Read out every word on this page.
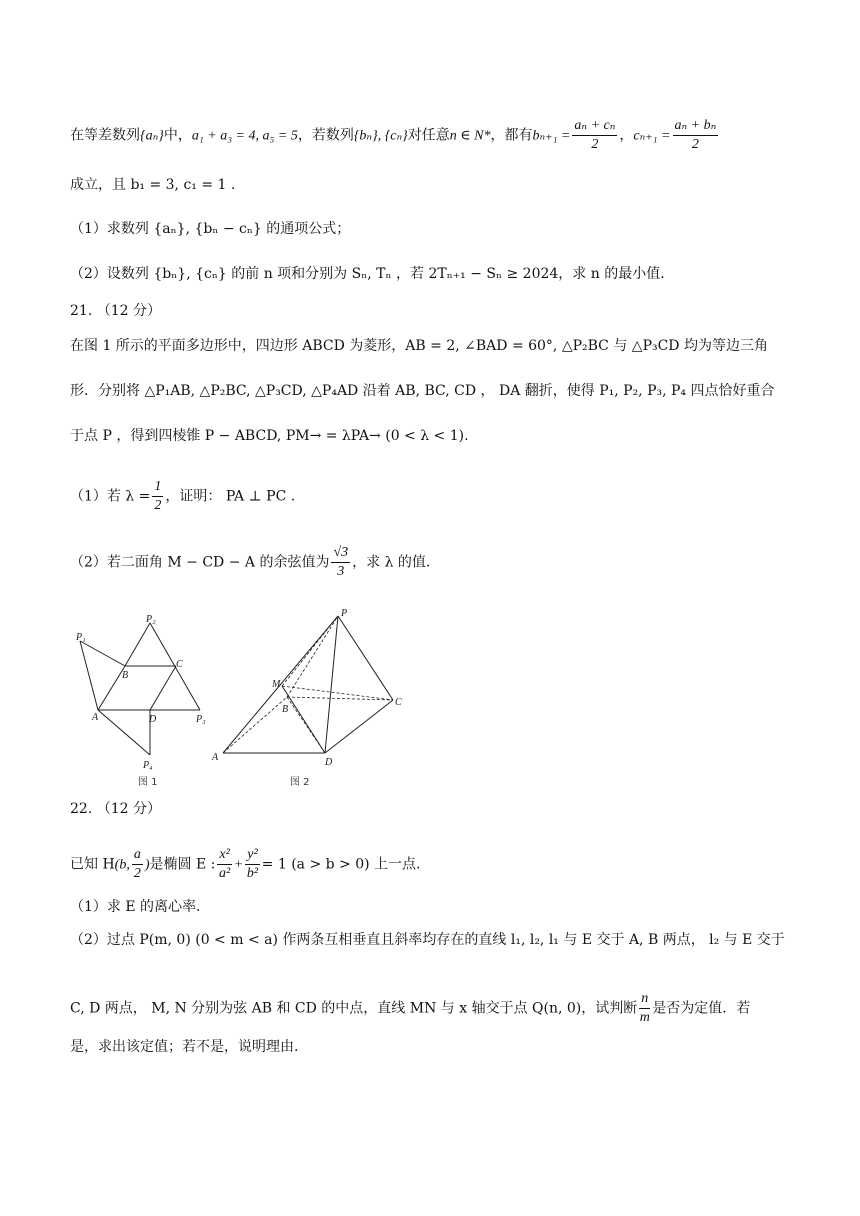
在等差数列{aₙ}中，a₁ + a₃ = 4, a₅ = 5，若数列{bₙ}, {cₙ}对任意n ∈ N*，都有$b_{n+1} = \frac{\text{aₙ + cₙ}}{2}$ ，$c_{n+1} = \frac{\text{aₙ + bₙ}}{2}$
成立，且 b₁ = 3, c₁ = 1 .
（1）求数列 {aₙ}, {bₙ − cₙ} 的通项公式；
（2）设数列 {bₙ}, {cₙ} 的前 n 项和分别为 Sₙ, Tₙ ，若 2Tₙ₊₁ − Sₙ ≥ 2024，求 n 的最小值.
21. （12 分）
在图 1 所示的平面多边形中，四边形 ABCD 为菱形，AB = 2, ∠BAD = 60°, △P₂BC 与 △P₃CD 均为等边三角
形．分别将 △P₁AB, △P₂BC, △P₃CD, △P₄AD 沿着 AB, BC, CD ， DA 翻折，使得 P₁, P₂, P₃, P₄ 四点恰好重合
于点 P ，得到四棱锥 P − ABCD, PM→ = λPA→ (0 < λ < 1).
（1）若 $\lambda = \frac{1}{2}$ ，证明： PA ⊥ PC .
（2）若二面角 M − CD − A 的余弦值为 $\frac{√3}{3}$ ，求 λ 的值.
P₁
P₂
B
C
A	D	P₃
P₄
图 1
P
M
B
C
A	D
图 2
22. （12 分）
已知 H(b, $\frac{a}{2}$ )是椭圆 E : $\frac{\text{x²}}{\text{a²}} + \frac{\text{y²}}{\text{b²}} = 1$ (a > b > 0) 上一点.
（1）求 E 的离心率.
（2）过点 P(m, 0) (0 < m < a) 作两条互相垂直且斜率均存在的直线 l₁, l₂, l₁ 与 E 交于 A, B 两点， l₂ 与 E 交于
C, D 两点， M, N 分别为弦 AB 和 CD 的中点，直线 MN 与 x 轴交于点 Q(n, 0)，试判断 $\frac{n}{m}$ 是否为定值．若
是，求出该定值；若不是，说明理由.
